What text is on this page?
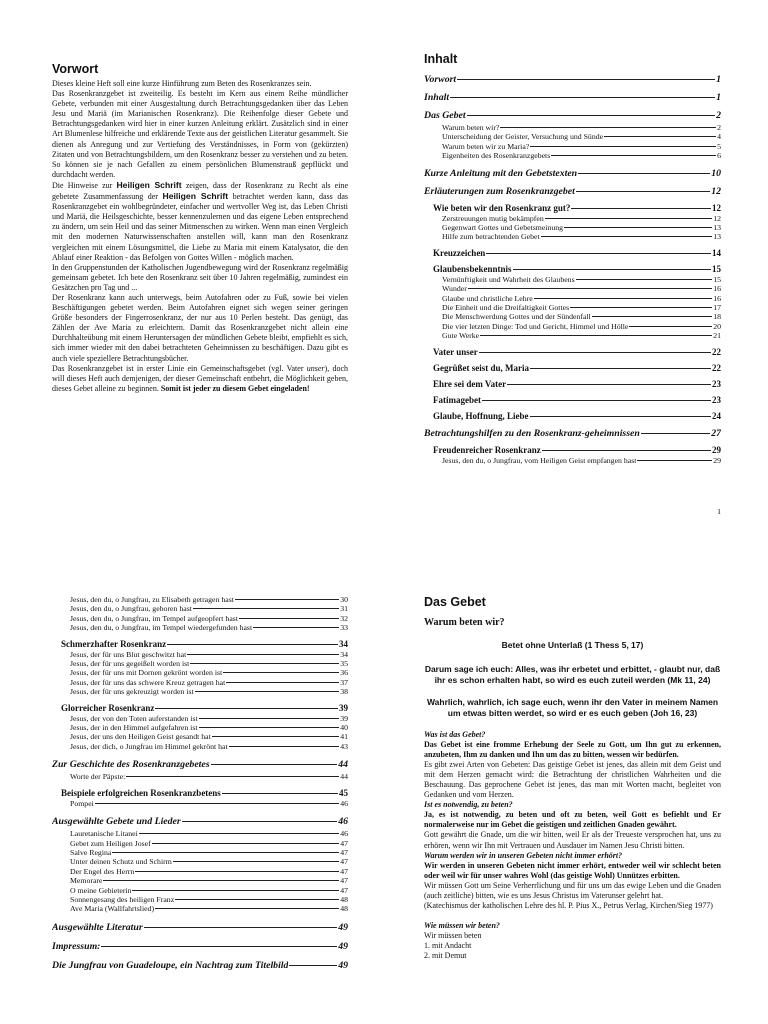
Vorwort

Dieses kleine Heft soll eine kurze Hinführung zum Beten des Rosenkranzes sein.

Das Rosenkranzgebet ist zweiteilig. Es besteht im Kern aus einem Reihe mündlicher Gebete, verbunden mit einer Ausgestaltung durch Betrachtungsgedanken über das Leben Jesu und Mariä (im Marianischen Rosenkranz). Die Reihenfolge dieser Gebete und Betrachtungsgedanken wird hier in einer kurzen Anleitung erklärt. Zusätzlich sind in einer Art Blumenlese hilfreiche und erklärende Texte aus der geistlichen Literatur gesammelt. Sie dienen als Anregung und zur Vertiefung des Verständnisses, in Form von (gekürzten) Zitaten und von Betrachtungsbildern, um den Rosenkranz besser zu verstehen und zu beten. So können sie je nach Gefallen zu einem persönlichen Blumenstrauß gepflückt und durchdacht werden.

Die Hinweise zur Heiligen Schrift zeigen, dass der Rosenkranz zu Recht als eine gebetete Zusammenfassung der Heiligen Schrift betrachtet werden kann, dass das Rosenkranzgebet ein wohlbegründeter, einfacher und wertvoller Weg ist, das Leben Christi und Mariä, die Heilsgeschichte, besser kennenzulernen und das eigene Leben entsprechend zu ändern, um sein Heil und das seiner Mitmenschen zu wirken. Wenn man einen Vergleich mit den modernen Naturwissenschaften anstellen will, kann man den Rosenkranz vergleichen mit einem Lösungsmittel, die Liebe zu Maria mit einem Katalysator, die den Ablauf einer Reaktion - das Befolgen von Gottes Willen - möglich machen.

In den Gruppenstunden der Katholischen Jugendbewegung wird der Rosenkranz regelmäßig gemeinsam gebetet. Ich bete den Rosenkranz seit über 10 Jahren regelmäßig, zumindest ein Gesätzchen pro Tag und ...

Der Rosenkranz kann auch unterwegs, beim Autofahren oder zu Fuß, sowie bei vielen Beschäftigungen gebetet werden. Beim Autofahren eignet sich wegen seiner geringen Größe besonders der Fingerrosenkranz, der nur aus 10 Perlen besteht. Das genügt, das Zählen der Ave Maria zu erleichtern. Damit das Rosenkranzgebet nicht allein eine Durchhalteübung mit einem Heruntersagen der mündlichen Gebete bleibt, empfiehlt es sich, sich immer wieder mit den dabei betrachteten Geheimnissen zu beschäftigen. Dazu gibt es auch viele speziellere Betrachtungsbücher.

Das Rosenkranzgebet ist in erster Linie ein Gemeinschaftsgebet (vgl. Vater unser), doch will dieses Heft auch demjenigen, der dieser Gemeinschaft entbehrt, die Möglichkeit geben, dieses Gebet alleine zu beginnen. Somit ist jeder zu diesem Gebet eingeladen!

Inhalt
Vorwort	1
Inhalt	1
Das Gebet	2
Warum beten wir?	2
Unterscheidung der Geister, Versuchung und Sünde	4
Warum beten wir zu Maria?	5
Eigenheiten des Rosenkranzgebets	6
Kurze Anleitung mit den Gebetstexten	10
Erläuterungen zum Rosenkranzgebet	12
Wie beten wir den Rosenkranz gut?	12
Zerstreuungen mutig bekämpfen	12
Gegenwart Gottes und Gebetsmeinung	13
Hilfe zum betrachtenden Gebet	13
Kreuzzeichen	14
Glaubensbekenntnis	15
Vernünftigkeit und Wahrheit des Glaubens	15
Wunder	16
Glaube und christliche Lehre	16
Die Einheit und die Dreifaltigkeit Gottes	17
Die Menschwerdung Gottes und der Sündenfall	18
Die vier letzten Dinge: Tod und Gericht, Himmel und Hölle	20
Gute Werke	21
Vater unser	22
Gegrüßet seist du, Maria	22
Ehre sei dem Vater	23
Fatimagebet	23
Glaube, Hoffnung, Liebe	24
Betrachtungshilfen zu den Rosenkranz-geheimnissen	27
Freudenreicher Rosenkranz	29
Jesus, den du, o Jungfrau, vom Heiligen Geist empfangen hast	29
1
Jesus, den du, o Jungfrau, zu Elisabeth getragen hast	30
Jesus, den du, o Jungfrau, geboren hast	31
Jesus, den du, o Jungfrau, im Tempel aufgeopfert hast	32
Jesus, den du, o Jungfrau, im Tempel wiedergefunden hast	33
Schmerzhafter Rosenkranz	34
Jesus, der für uns Blut geschwitzt hat	34
Jesus, der für uns gegeißelt worden ist	35
Jesus, der für uns mit Dornen gekrönt worden ist	36
Jesus, der für uns das schwere Kreuz getragen hat	37
Jesus, der für uns gekreuzigt worden ist	38
Glorreicher Rosenkranz	39
Jesus, der von den Toten auferstanden ist	39
Jesus, der in den Himmel aufgefahren ist	40
Jesus, der uns den Heiligen Geist gesandt hat	41
Jesus, der dich, o Jungfrau im Himmel gekrönt hat	43
Zur Geschichte des Rosenkranzgebetes	44
Worte der Päpste:	44
Beispiele erfolgreichen Rosenkranzbetens	45
Pompei	46
Ausgewählte Gebete und Lieder	46
Lauretanische Litanei	46
Gebet zum Heiligen Josef	47
Salve Regina	47
Unter deinen Schutz und Schirm	47
Der Engel des Herrn	47
Memorare	47
O meine Gebieterin	47
Sonnengesang des heiligen Franz	48
Ave Maria (Wallfahrtslied)	48
Ausgewählte Literatur	49
Impressum:	49
Die Jungfrau von Guadeloupe, ein Nachtrag zum Titelbild	49
Das Gebet
Warum beten wir?
Betet ohne Unterlaß (1 Thess 5, 17)
Darum sage ich euch: Alles, was ihr erbetet und erbittet, - glaubt nur, daß ihr es schon erhalten habt, so wird es euch zuteil werden (Mk 11, 24)
Wahrlich, wahrlich, ich sage euch, wenn ihr den Vater in meinem Namen um etwas bitten werdet, so wird er es euch geben (Joh 16, 23)

Was ist das Gebet?

Das Gebet ist eine fromme Erhebung der Seele zu Gott, um Ihn gut zu erkennen, anzubeten, Ihm zu danken und Ihn um das zu bitten, wessen wir bedürfen.

Es gibt zwei Arten von Gebeten: Das geistige Gebet ist jenes, das allein mit dem Geist und mit dem Herzen gemacht wird: die Betrachtung der christlichen Wahrheiten und die Beschauung. Das geprochene Gebet ist jenes, das man mit Worten macht, begleitet von Gedanken und vom Herzen.

Ist es notwendig, zu beten?

Ja, es ist notwendig, zu beten und oft zu beten, weil Gott es befiehlt und Er normalerweise nur im Gebet die geistigen und zeitlichen Gnaden gewährt.

Gott gewährt die Gnade, um die wir bitten, weil Er als der Treueste versprochen hat, uns zu erhören, wenn wir Ihn mit Vertrauen und Ausdauer im Namen Jesu Christi bitten.

Warum werden wir in unseren Gebeten nicht immer erhört?

Wir werden in unseren Gebeten nicht immer erhört, entweder weil wir schlecht beten oder weil wir für unser wahres Wohl (das geistige Wohl) Unnützes erbitten.

Wir müssen Gott um Seine Verherrlichung und für uns um das ewige Leben und die Gnaden (auch zeitliche) bitten, wie es uns Jesus Christus im Vaterunser gelehrt hat.

(Katechismus der katholischen Lehre des hl. P. Pius X., Petrus Verlag, Kirchen/Sieg 1977)

Wie müssen wir beten?

Wir müssen beten

1. mit Andacht

2. mit Demut
